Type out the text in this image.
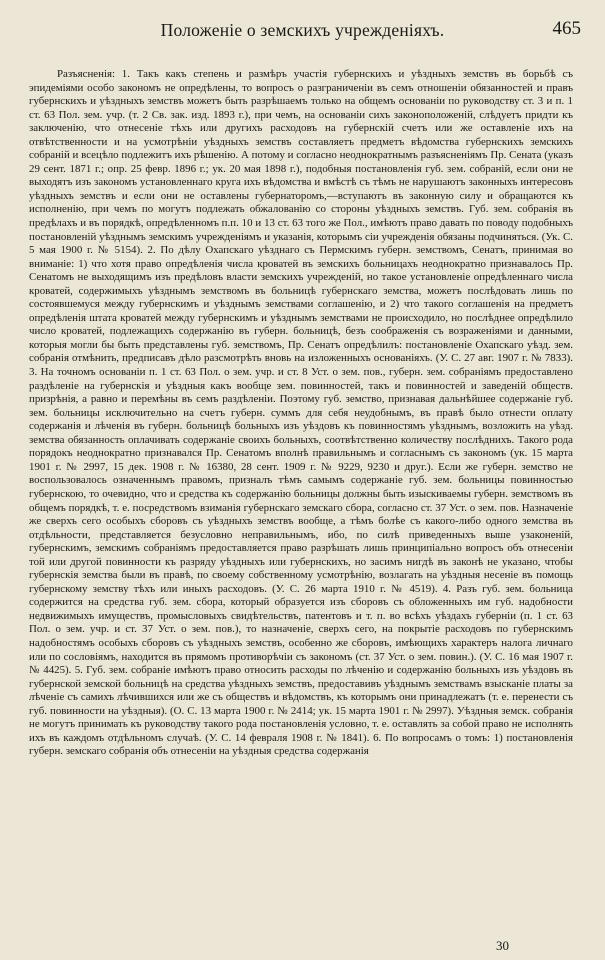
Положеніе о земскихъ учрежденіяхъ.	465

Разъясненія: 1. Такъ какъ степень и размѣръ участія губернскихъ и уѣздныхъ земствъ въ борьбѣ съ эпидеміями особо закономъ не опредѣлены, то вопросъ о разграниченіи въ семъ отношеніи обязанностей и правъ губернскихъ и уѣздныхъ земствъ можетъ быть разрѣшаемъ только на общемъ основаніи по руководству ст. 3 и п. 1 ст. 63 Пол. зем. учр. (т. 2 Св. зак. изд. 1893 г.), при чемъ, на основаніи сихъ законоположеній, слѣдуетъ придти къ заключенію, что отнесеніе тѣхъ или другихъ расходовъ на губернскій счетъ или же оставленіе ихъ на отвѣтственности и на усмотрѣніи уѣздныхъ земствъ составляетъ предметъ вѣдомства губернскихъ земскихъ собраній и всецѣло подлежитъ ихъ рѣшенію. А потому и согласно неоднократнымъ разъясненіямъ Пр. Сената (указъ 29 сент. 1871 г.; опр. 25 февр. 1896 г.; ук. 20 мая 1898 г.), подобныя постановленія губ. зем. собраній, если они не выходятъ изъ закономъ установленнаго круга ихъ вѣдомства и вмѣстѣ съ тѣмъ не нарушаютъ законныхъ интересовъ уѣздныхъ земствъ и если они не оставлены губернаторомъ,—вступаютъ въ законную силу и обращаются къ исполненію, при чемъ по могутъ подлежать обжалованію со стороны уѣздныхъ земствъ. Губ. зем. собранія въ предѣлахъ и въ порядкѣ, опредѣленномъ п.п. 10 и 13 ст. 63 того же Пол., имѣютъ право давать по поводу подобныхъ постановленій уѣзднымъ земскимъ учрежденіямъ и указанія, которымъ сіи учрежденія обязаны подчиняться. (Ук. С. 5 мая 1900 г. № 5154). 2. По дѣлу Охапскаго уѣзднаго съ Пермскимъ губерн. земствомъ, Сенатъ, принимая во вниманіе: 1) что хотя право опредѣленія числа кроватей въ земскихъ больницахъ неоднократно признавалось Пр. Сенатомъ не выходящимъ изъ предѣловъ власти земскихъ учрежденій, но такое установленіе опредѣленнаго числа кроватей, содержимыхъ уѣзднымъ земствомъ въ больницѣ губернскаго земства, можетъ послѣдовать лишь по состоявшемуся между губернскимъ и уѣзднымъ земствами соглашенію, и 2) что такого соглашенія на предметъ опредѣленія штата кроватей между губернскимъ и уѣзднымъ земствами не происходило, но послѣднее опредѣлило число кроватей, подлежащихъ содержанію въ губерн. больницѣ, безъ соображенія съ возраженіями и данными, которыя могли бы быть представлены губ. земствомъ, Пр. Сенатъ опредѣлилъ: постановленіе Охапскаго уѣзд. зем. собранія отмѣнить, предписавъ дѣло разсмотрѣть вновь на изложенныхъ основаніяхъ. (У. С. 27 авг. 1907 г. № 7833). 3. На точномъ основаніи п. 1 ст. 63 Пол. о зем. учр. и ст. 8 Уст. о зем. пов., губерн. зем. собраніямъ предоставлено раздѣленіе на губернскія и уѣздныя какъ вообще зем. повинностей, такъ и повинностей и заведеній общеcтв. призрѣнія, а равно и перемѣны въ семъ раздѣленіи. Поэтому губ. земство, признавая дальнѣйшее содержаніе губ. зем. больницы исключительно на счетъ губерн. суммъ для себя неудобнымъ, въ правѣ было отнести оплату содержанія и лѣченія въ губерн. больницѣ больныхъ изъ уѣздовъ къ повинностямъ уѣзднымъ, возложить на уѣзд. земства обязанность оплачивать содержаніе своихъ больныхъ, соотвѣтственно количеству послѣднихъ. Такого рода порядокъ неоднократно признавался Пр. Сенатомъ вполнѣ правильнымъ и согласнымъ съ закономъ (ук. 15 марта 1901 г. № 2997, 15 дек. 1908 г. № 16380, 28 сент. 1909 г. № 9229, 9230 и друг.). Если же губерн. земство не воспользовалось означеннымъ правомъ, призналъ тѣмъ самымъ содержаніе губ. зем. больницы повинностью губернскою, то очевидно, что и средства къ содержанію больницы должны быть изыскиваемы губерн. земствомъ въ общемъ порядкѣ, т. е. посредствомъ взиманія губернскаго земскаго сбора, согласно ст. 37 Уст. о зем. пов. Назначеніе же сверхъ сего особыхъ сборовъ съ уѣздныхъ земствъ вообще, а тѣмъ болѣе съ какого-либо одного земства въ отдѣльности, представляется безусловно неправильнымъ, ибо, по силѣ приведенныхъ выше узаконеній, губернскимъ, земскимъ собраніямъ предоставляется право разрѣшать лишь принципіально вопросъ объ отнесеніи той или другой повинности къ разряду уѣздныхъ или губернскихъ, но засимъ нигдѣ въ законѣ не указано, чтобы губернскія земства были въ правѣ, по своему собственному усмотрѣнію, возлагать на уѣздныя несеніе въ помощь губернскому земству тѣхъ или иныхъ расходовъ. (У. С. 26 марта 1910 г. № 4519). 4. Разъ губ. зем. больница содержится на средства губ. зем. сбора, который образуется изъ сборовъ съ обложенныхъ им губ. надобности недвижимыхъ имуществъ, промысловыхъ свидѣтельствъ, патентовъ и т. п. во всѣхъ уѣздахъ губерніи (п. 1 ст. 63 Пол. о зем. учр. и ст. 37 Уст. о зем. пов.), то назначеніе, сверхъ сего, на покрытіе расходовъ по губернскимъ надобностямъ особыхъ сборовъ съ уѣздныхъ земствъ, особенно же сборовъ, имѣющихъ характеръ налога личнаго или по сословіямъ, находится въ прямомъ противорѣчіи съ закономъ (ст. 37 Уст. о зем. повин.). (У. С. 16 мая 1907 г. № 4425). 5. Губ. зем. собраніе имѣютъ право относить расходы по лѣченію и содержанію больныхъ изъ уѣздовъ въ губернской земской больницѣ на средства уѣздныхъ земствъ, предоставивъ уѣзднымъ земствамъ взысканіе платы за лѣченіе съ самихъ лѣчившихся или же съ обществъ и вѣдомствъ, къ которымъ они принадлежатъ (т. е. перенести съ губ. повинности на уѣздныя). (О. С. 13 марта 1900 г. № 2414; ук. 15 марта 1901 г. № 2997). Уѣздныя земск. собранія не могутъ принимать къ руководству такого рода постановленія условно, т. е. оставлять за собой право не исполнять ихъ въ каждомъ отдѣльномъ случаѣ. (У. С. 14 февраля 1908 г. № 1841). 6. По вопросамъ о томъ: 1) постановленія губерн. земскаго собранія объ отнесеніи на уѣздныя средства содержанія

30
